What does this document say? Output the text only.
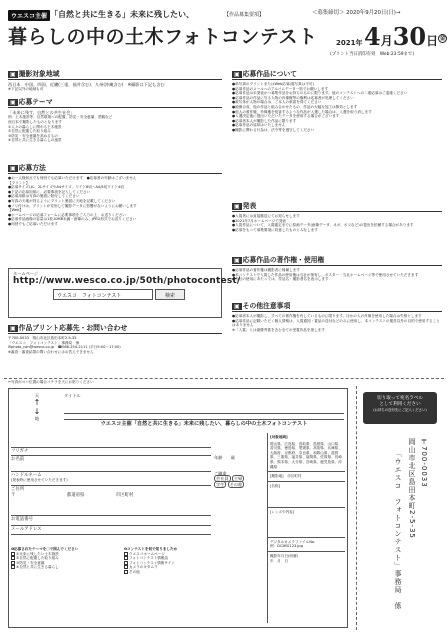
ウエスコ主催 「自然と共に生きる」未来に残したい、	【作品募集要項】	＜募集締切＞ 2020年9月20日(日)→
暮らしの中の土木フォトコンテスト	2021年 4月30日金
(プリント当日消印有効　Web:23:59まで)
▣ 撮影対象地域
西日本　中国、四国、近畿(三重、福井含む)、九州(沖縄含む)　※撮影は下記も含む
※下記以外の地域も可
▣ 応募テーマ
「未来に残す、自然との共生社会」
例：土木施設等、自然環境への配慮、防災・安全意識、景観など
西日本で撮影したものとなります
①人々の暮らしに関わる土木施設
②自然に配慮した取り組み
③防災・安全意識を高めるもの
④自然と共に生きる暮らしの風景
▣ 応募方法
●お一人様何点でも何回でも応募いただけます　●応募者の年齢はございません
【プリント】
●応募サイズはL、2LサイズやA4サイズ、ワイド6切〜A4/4切ワイド4切
●下記の応募用紙に、必要事項を記入してください
●応募用紙は写真の裏面に貼付してください
●写真の天地が判るようにプリント裏面に天地を記載してください
●ノリ付けは、プリントが変形して撮影データに影響がないようにお願いします
【Web】
●ホームページの応募フォームに必要事項をご入力の上、お送りください
●応募作品画像の容量は1枚10MB未満・画像のみ、JPEG形式でお送りください
●何回でもご応募いただけます
ホームページ
http://www.wesco.co.jp/50th/photocontest/
ウエスコ　フォトコンテスト	検索
▣ 作品プリント応募先・お問い合わせ
〒700-0033　岡山市北区島田本町2-5-35
「ウエスコ　フォトコンテスト」事務局　係
✉photo_con@wesco.co.jp　☎086-254-2111 (平日9:00〜17:00)
※審査・審査結果の問い合わせにはお答えできません
▣ 応募作品について
●単写真のプリントまたはWeb応募(複写真は不可)
●応募作品のメールへのアルバムデータ一括でお願いします
●応募作品は未発表かつ募集作品をお持ちのものに限ります。他のコンテストへの二重応募はご遠慮ください
●応募作品の作品に写る人物の肖像権等の権利は応募者が処理してください
●被写体が人物の場合は、ご本人の承諾を得てください
●画像合成、他の作品と組み合わせたもの、作品の大幅な加工は無効とします
●他人の著作権、肖像権を侵害するような作品が入選した場合は、入選を取り消します
●入選決定後に提出いただいたデータを使用する場合がございます
●応募者本人が撮影した作品に限ります
●応募作品の返却はいたしません
●撮影に関わる行為は、法令等を遵守してください
▣ 発表
●入賞者には直接郵送にてお知らせします
●2021年7月ホームページで発表
●入賞作品について、入賞確定までに原画データ(画像データ、ネガ、ポジなど)の提出を依頼する場合があります
●応募をもって募集要項に同意したものとみなします
▣ 応募作品の著作権・使用権
●応募作品の著作権は撮影者に帰属します
●本コンテストで入賞した作品の使用権は当社が保有し、ポスター・当社ホームページ等で使用させていただきます
●当社の使用にあたっては、作品名・撮影者名を表示します
▣ その他注意事項
●応募者本人が撮影し、すべての著作権を有しているものに限ります。ほかの人の肖像を使用した場合は失格とします
●応募作品に記載いただく個人情報は、入賞通知・賞品の送付などのみに使用し、本コンテストの運営以外の目的で使用することはありません
※「入賞」とは最優秀賞を含む全ての受賞作品を指します
✂写真がヨコ位置の場合コチラを天にお貼りください
天
↑
↓
地
タイトル
ウエスコ主催「自然と共に生きる」未来に残したい、暮らしの中の土木フォトコンテスト
フリガナ
お名前
ハンドルネーム
(発表時に使用させていただきます)
ご住所
〒	都道府県	市区町村
お電話番号
メールアドレス
年齢　　 歳
ご職業
会社員 主婦
学生 その他
❶応募されたテーマを○で囲んでください
①未来に残したい土木施設
②自然に配慮した取り組み
③防災・安全意識
④自然と共に生きる暮らし
❷コンテストを何で知りましたか
ウエスコホームページ
フォトコンテスト情報誌
フォトコンテスト情報サイト
カメラのキタムラ
その他
[対象地域]
岡山県、広島県、鳥取県、島根県、山口県、香川県、徳島県、愛媛県、高知県、兵庫県、大阪府、京都府、奈良県、和歌山県、滋賀県、三重県、福井県、福岡県、佐賀県、長崎県、熊本県、大分県、宮崎県、鹿児島県、沖縄県
[撮影地]　 市区町村
[名称]
[レンズや内容]
デジタルカメラファイルNo.
例：DCIMG123.jpg
撮影年月日(西暦)
年　月　日
切り取って宛名ラベル
として利用ください
(お持ちの送付先にご記入ください)
〒700-0033
岡山市北区島田本町2-5-35
「ウエスコ　フォトコンテスト」事務局　係
